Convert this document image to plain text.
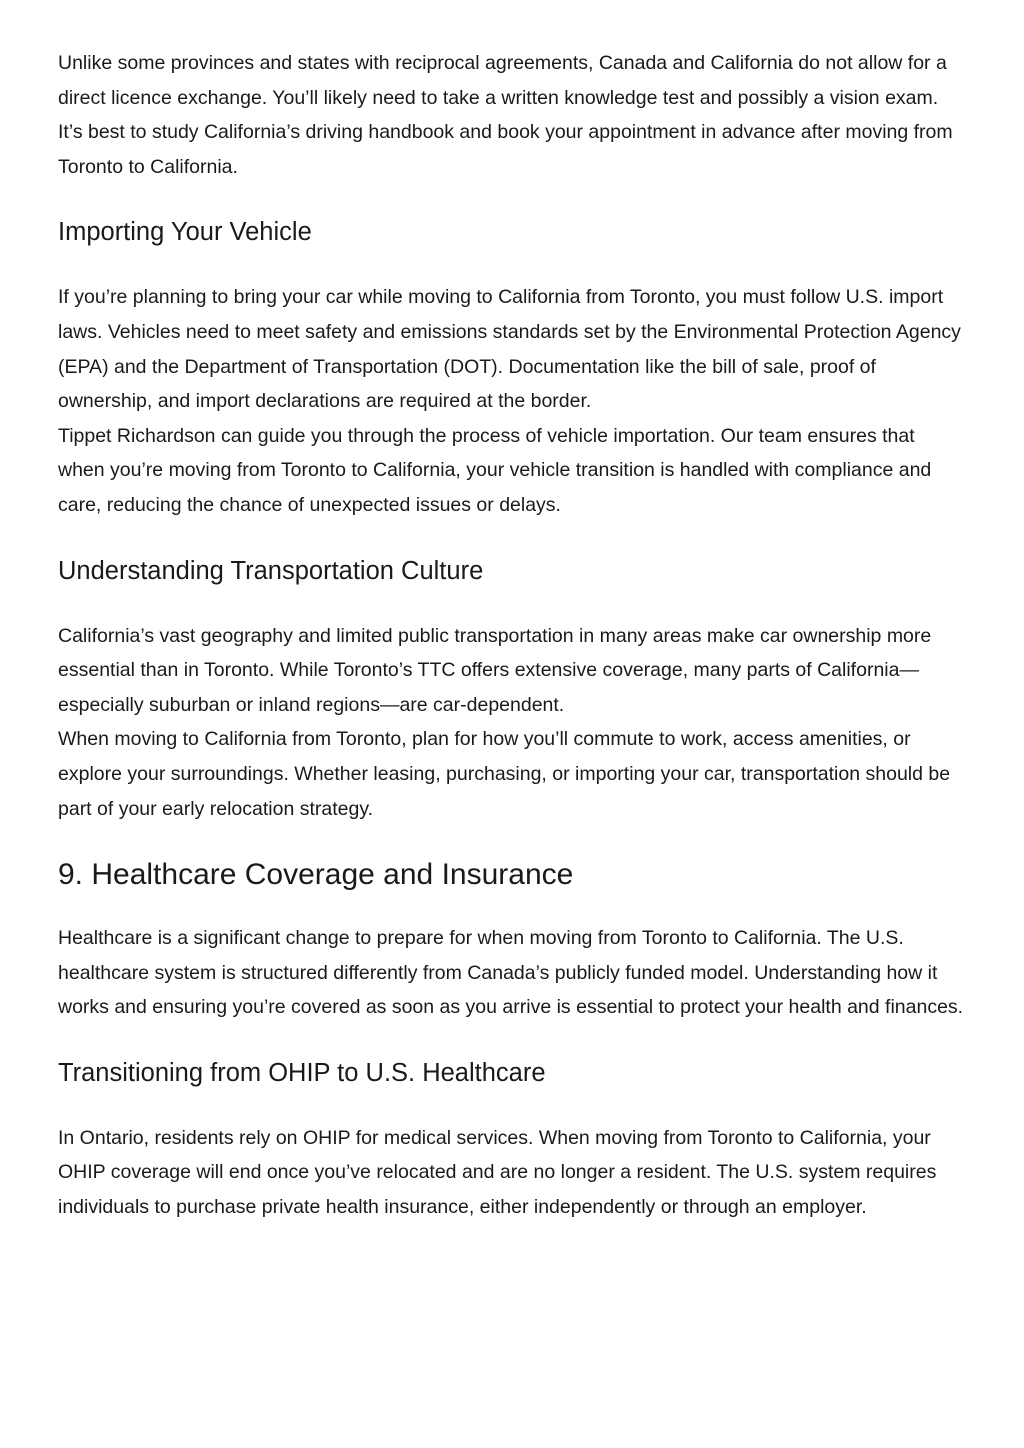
Unlike some provinces and states with reciprocal agreements, Canada and California do not allow for a direct licence exchange. You’ll likely need to take a written knowledge test and possibly a vision exam. It’s best to study California’s driving handbook and book your appointment in advance after moving from Toronto to California.

Importing Your Vehicle

If you’re planning to bring your car while moving to California from Toronto, you must follow U.S. import laws. Vehicles need to meet safety and emissions standards set by the Environmental Protection Agency (EPA) and the Department of Transportation (DOT). Documentation like the bill of sale, proof of ownership, and import declarations are required at the border.

Tippet Richardson can guide you through the process of vehicle importation. Our team ensures that when you’re moving from Toronto to California, your vehicle transition is handled with compliance and care, reducing the chance of unexpected issues or delays.

Understanding Transportation Culture

California’s vast geography and limited public transportation in many areas make car ownership more essential than in Toronto. While Toronto’s TTC offers extensive coverage, many parts of California—especially suburban or inland regions—are car-dependent.

When moving to California from Toronto, plan for how you’ll commute to work, access amenities, or explore your surroundings. Whether leasing, purchasing, or importing your car, transportation should be part of your early relocation strategy.

9. Healthcare Coverage and Insurance

Healthcare is a significant change to prepare for when moving from Toronto to California. The U.S. healthcare system is structured differently from Canada’s publicly funded model. Understanding how it works and ensuring you’re covered as soon as you arrive is essential to protect your health and finances.

Transitioning from OHIP to U.S. Healthcare

In Ontario, residents rely on OHIP for medical services. When moving from Toronto to California, your OHIP coverage will end once you’ve relocated and are no longer a resident. The U.S. system requires individuals to purchase private health insurance, either independently or through an employer.
